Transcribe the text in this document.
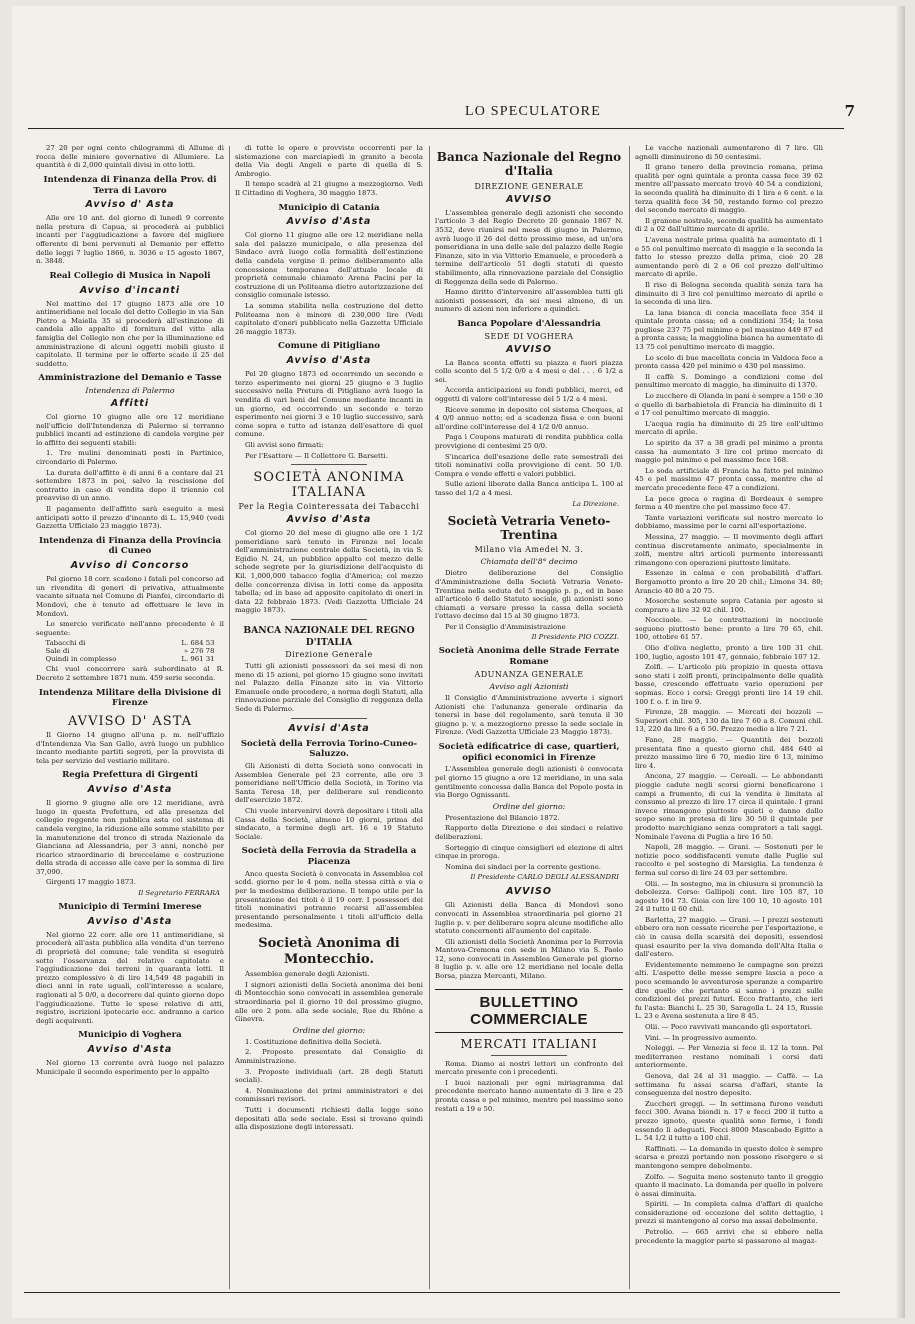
LO SPECULATORE	7

27 20 per ogni cento chilogrammi di Allume di rocca delle miniere governative di Allumiere. La quantità è di 2,000 quintali divisi in otto lotti.

Intendenza di Finanza della Prov. di Terra di Lavoro
Avviso d' Asta

Alle ore 10 ant. del giorno di lunedì 9 corrente nella pretura di Capua, si procederà ai pubblici incanti per l'aggiudicazione a favore del migliore offerente di beni pervenuti al Demanio per effetto delle leggi 7 luglio 1866, n. 3036 e 15 agosto 1867, n. 3848.

Real Collegio di Musica in Napoli
Avviso d'incanti

Nel mattino del 17 giugno 1873 alle ore 10 antimeridiane nel locale del detto Collegio in via San Pietro a Maiella 35 si procederà all'estinzione di candela allo appalto di fornitura del vitto alla famiglia del Collegio non che per la illuminazione ed amministrazione di alcuni oggetti mobili giusto il capitolato. Il termine per le offerte scade il 25 del suddetto.

Amministrazione del Demanio e Tasse
Intendenza di Palermo
Affitti

Col giorno 10 giugno alle ore 12 meridiane nell'ufficio dell'Intendenza di Palermo si terranno pubblici incanti ad estinzione di candela vergine per lo affitto dei seguenti stabili:

1. Tre mulini denominati posti in Partinico, circondario di Palermo.

La durata dell'affitto è di anni 6 a contare dal 21 settembre 1873 in poi, salvo la rescissione del contratto in caso di vendita dopo il triennio col preavviso di un anno.

Il pagamento dell'affitto sarà eseguito a mesi anticipati sotto il prezzo d'incanto di L. 15,940 (vedi Gazzetta Ufficiale 23 maggio 1873).

Intendenza di Finanza della Provincia di Cuneo
Avviso di Concorso

Pel giorno 18 corr. scadono i fatali pel concorso ad un rivendita di generi di privativa, attualmente vacante situata nel Comune di Pianfei, circondario di Mondovì, che è tenuto ad effettuare le leve in Mondovì.

Lo smercio verificato nell'anno precedente è il seguente:

Tabacchi di	L. 684 53
Sale di	» 276 78
Quindi in complesso	L. 961 31

Chi vuol concorrere sarà subordinato al R. Decreto 2 settembre 1871 num. 459 serie seconda.

Intendenza Militare della Divisione di Firenze
AVVISO D' ASTA

Il Giorno 14 giugno all'una p. m. nell'uffizio d'Intendenza Via San Gallo, avrà luogo un pubblico incanto mediante partiti segreti, per la provvista di tela per servizio del vestiario militare.

Regia Prefettura di Girgenti
Avviso d'Asta

Il giorno 9 giugno alle ore 12 meridiane, avrà luogo in questa Prefettura, ed alla presenza del collegio reggente non pubblica asta col sistema di candela vergine, la riduzione alle somme stabilite per la manutenzione del tronco di strada Nazionale da Gianciana ad Alessandria, per 3 anni, nonchè per ricarico straordinario di breccelame e costruzione della strada di accesso alle cave per la somma di lire 37,090.

Girgenti 17 maggio 1873.

Il Segretario FERRARA
Municipio di Termini Imerese
Avviso d'Asta

Nel giorno 22 corr. alle ore 11 antimeridiane, si procederà all'asta pubblica alla vendita d'un terreno di proprietà del comune; tale vendita si eseguirà sotto l'osservanza del relativo capitolato e l'aggiudicazione dei terreni in quaranta lotti. Il prezzo complessivo è di lire 14,549 48 pagabili in dieci anni in rate uguali, coll'interesse a scalare, ragionati al 5 0/0, a decorrere dal quinto giorno dopo l'aggiudicazione. Tutte le spese relative di atti, registro, iscrizioni ipotecarie ecc. andranno a carico degli acquirenti.

Municipio di Voghera
Avviso d'Asta

Nel giorno 13 corrente avrà luogo nel palazzo Municipale il secondo esperimento per lo appalto

di tutte le opere e provviste occorrenti per la sistemazione con marciapiedi in granito a becola della Via degli Angeli e parte di quella di S. Ambrogio.

Il tempo scadrà al 21 giugno a mezzogiorno. Vedi Il Cittadino di Voghera, 30 maggio 1873.

Municipio di Catania
Avviso d'Asta

Col giorno 11 giugno alle ore 12 meridiane nella sala del palazzo municipale, e alla presenza del Sindaco avrà luogo colla formalità dell'estinzione della candela vergine il primo deliberamento alla concessione temporanea dell'attuale locale di proprietà comunale chiamato Arena Pacini per la costruzione di un Politeama dietro autorizzazione del consiglio comunale istesso.

La somma stabilita nella costruzione del detto Politeama non è minore di 230,000 lire (Vedi capitolato d'oneri pubblicato nella Gazzetta Ufficiale 26 maggio 1873).

Comune di Pitigliano
Avviso d'Asta

Pel 20 giugno 1873 ed occorrendo un secondo e terzo esperimento nei giorni 25 giugno e 3 luglio successivo nella Pretura di Pitigliano avrà luogo la vendita di vari beni del Comune mediante incanti in un giorno, ed occorrendo un secondo e terzo esperimento nei giorni 3 e 10 luglio successivo, sarà come sopra e tutto ad istanza dell'esattore di quel comune.

Gli avvisi sono firmati:

Per l'Esattore — Il Collettore G. Barsetti.

SOCIETÀ ANONIMA ITALIANA
Per la Regìa Cointeressata dei Tabacchi
Avviso d'Asta

Col giorno 20 del mese di giugno alle ore 1 1/2 pomeridiane sarà tenuto in Firenze nel locale dell'amministrazione centrale della Società, in via S. Egidio N. 24, un pubblico appalto col mezzo delle schede segrete per la giurisdizione dell'acquisto di Kil. 1,000,000 tabacco foglia d'America; col mezzo delle concorrenza divisa in lotti come da apposita tabella; ed in base ad apposito capitolato di oneri in data 22 febbraio 1873. (Vedi Gazzetta Ufficiale 24 maggio 1873).

BANCA NAZIONALE DEL REGNO D'ITALIA
Direzione Generale

Tutti gli azionisti possessori da sei mesi di non meno di 15 azioni, pel giorno 15 giugno sono invitati nel Palazzo della Finanze sito in via Vittorio Emanuele onde procedere, a norma degli Statuti, alla rinnovazione parziale del Consiglio di reggenza della Sede di Palermo.

Avvisi d'Asta
Società della Ferrovia Torino-Cuneo-Saluzzo.

Gli Azionisti di detta Società sono convocati in Assemblea Generale pel 23 corrente, alle ore 3 pomeridiane nell'Ufficio della Società, in Torino via Santa Teresa 18, per deliberare sul rendiconto dell'esercizio 1872.

Chi vuole intervenirvi dovrà depositare i titoli alla Cassa della Società, almeno 10 giorni, prima del sindacato, a termine degli art. 16 e 19 Statuto Sociale.

Società della Ferrovia da Stradella a Piacenza

Anco questa Società è convocata in Assemblea col scdd. giorno per le 4 pom. nella stessa città e via e per la medesima deliberazione. Il tempo utile per la presentazione dei titoli è il 19 corr. I possessori dei titoli nominativi potranno recarsi all'assemblea presentando personalmente i titoli all'ufficio della medesima.

Società Anonima di Montecchio.

Assemblea generale degli Azionisti.

I signori azionisti della Società anonima dei beni di Montecchio sono convocati in assemblea generale straordinaria pel il giorno 10 del prossimo giugno, alle ore 2 pom. alla sede sociale, Rue du Rhône a Ginevra.

Ordine del giorno:

1. Costituzione definitiva della Società.

2. Proposte presentate dal Consiglio di Amministrazione.

3. Proposte individuali (art. 28 degli Statuti sociali).

4. Nominazione dei primi amministratori e dei commissari revisori.

Tutti i documenti richiesti dalla legge sono depositati alla sede sociale. Essi si trovano quindi alla disposizione degli interessati.

Banca Nazionale del Regno d'Italia
DIREZIONE GENERALE
AVVISO

L'assemblea generale degli azionisti che secondo l'articolo 3 del Regio Decreto 20 gennaio 1867 N. 3532, deve riunirsi nel mese di giugno in Palermo, avrà luogo il 26 del detto prossimo mese, ad un'ora pomeridiana in una delle sale del palazzo delle Regie Finanze, sito in via Vittorio Emanuele, e procederà a termine dell'articolo 51 degli statuti di questo stabilimento, alla rinnovazione parziale del Consiglio di Reggenza della sede di Palermo.

Hanno diritto d'intervenire all'assemblea tutti gli azionisti possessori, da sei mesi almeno, di un numero di azioni non inferiore a quindici.

Banca Popolare d'Alessandria
SEDE DI VOGHERA
AVVISO

La Banca sconta effetti su piazza e fuori piazza collo sconto del 5 1/2 0/0 a 4 mesi e del . . . 6 1/2 a sei.

Accorda anticipazioni su fondi pubblici, merci, ed oggetti di valore coll'interesse del 5 1/2 a 4 mesi.

Riceve somme in deposito col sistema Cheques, al 4 0/0 annuo netto; ed a scadenza fissa e con buoni all'ordine coll'interesse del 4 1/2 0/0 annuo.

Paga i Coupons maturati di rendita pubblica colla provvigione di centesimi 25 0/0.

S'incarica dell'esazione delle rate semestrali dei titoli nominativi colla provvigione di cent. 50 1/0. Compra e vende effetti e valori pubblici.

Sulle azioni liberate dalla Banca anticipa L. 100 al tasso del 1/2 a 4 mesi.

La Direzione.
Società Vetraria Veneto-Trentina
Milano via Amedei N. 3.
Chiamata dell'8° decimo

Dietro deliberazione del Consiglio d'Amministrazione della Società Vetraria Veneto-Trentina nella seduta del 5 maggio p. p., ed in base all'articolo 6 dello Statuto sociale, gli azionisti sono chiamati a versare presso la cassa della società l'ottavo decimo dal 15 al 30 giugno 1873.

Per il Consiglio d'Amministrazione

Il Presidente PIO COZZI.
Società Anonima delle Strade Ferrate Romane
ADUNANZA GENERALE
Avviso agli Azionisti

Il Consiglio d'Amministrazione avverte i signori Azionisti che l'adunanza generale ordinaria da tenersi in base del regolamento, sarà tenuta il 30 giugno p. v. a mezzogiorno presso la sede sociale in Firenze. (Vedi Gazzetta Ufficiale 23 Maggio 1873).

Società edificatrice di case, quartieri, opifici economici in Firenze

L'Assemblea generale degli azionisti è convocata pel giorno 15 giugno a ore 12 meridiane, in una sala gentilmente concessa dalla Banca del Popolo posta in via Borgo Ognissanti.

Ordine del giorno:

Presentazione del Bilancio 1872.

Rapporto della Direzione e dei sindaci e relative deliberazioni.

Sorteggio di cinque consiglieri ed elezione di altri cinque in proroga.

Nomina dei sindaci per la corrente gestione.

Il Presidente CARLO DEGLI ALESSANDRI
AVVISO

Gli Azionisti della Banca di Mondovì sono convocati in Assemblea straordinaria pel giorno 21 luglio p. v. per deliberare sopra alcune modifiche allo statuto concernenti all'aumento del capitale.

Gli azionisti della Società Anonima per la Ferrovia Mantova-Cremona con sede in Milano via S. Paolo 12, sono convocati in Assemblea Generale pel giorno 8 luglio p. v. alle ore 12 meridiane nel locale della Borsa, piazza Mercanti, Milano.

BULLETTINO COMMERCIALE
MERCATI ITALIANI

Roma. Diamo ai nostri lettori un confronto del mercato presente con i precedenti.

I buoi nazionali per ogni miriagramma dal precedente mercato hanno aumentato di 3 lire e 25 pronta cassa e pel minimo, mentre pel massimo sono restati a 19 e 50.

Le vacche nazionali aumentarono di 7 lire. Gli agnelli diminuirono di 50 centesimi.

Il grano tenero della provincia romana, prima qualità per ogni quintale a pronta cassa fece 39 62 mentre all'passato mercato trovò 40 54 a condizioni, la seconda qualità ha diminuito di 1 lira e 6 cent. e la terza qualità fece 34 50, restando fermo col prezzo del secondo mercato di maggio.

Il granone nostrale, seconda qualità ha aumentato di 2 a 02 dall'ultimo mercato di aprile.

L'avena nostrale prima qualità ha aumentato di 1 e 55 col penultimo mercato di maggio e la seconda la fatto lo stesso prezzo della prima, cioè 20 28 aumentando però di 2 e 06 col prezzo dell'ultimo mercato di aprile.

Il riso di Bologna seconda qualità senza tara ha diminuito di 3 lire col penultimo mercato di aprile e la seconda di una lira.

La lana bianca di concia macellata fece 354 il quintale pronta cassa; ed a condizioni 354; la tosa pugliese 237 75 pel minimo e pel massimo 449 87 ed a pronta cassa; la maggiolina bianca ha aumentato di 13 75 col penultimo mercato di maggio.

Lo scolo di bue macellata concia in Valdoca fece a pronta cassa 420 pel minimo e 430 pel massimo.

Il caffè S. Domingo a condizioni come del penultimo mercato di maggio, ha diminuito di 1370.

Lo zucchero di Olanda in pani è sempre a 150 e 30 e quello di barbabietola di Francia ha diminuito di 1 e 17 col penultimo mercato di maggio.

L'acqua ragia ha diminuito di 25 lire coll'ultimo mercato di aprile.

Lo spirito da 37 a 38 gradi pel minimo a pronta cassa ha aumentato 3 lire col primo mercato di maggio pel minimo e pel massimo fece 168.

Lo soda artificiale di Francia ha fatto pel minimo 45 e pel massimo 47 pronta cassa, mentre che al mercato precedente fece 47 a condizioni.

La pece greca o ragina di Bordeaux è sempre ferma a 40 mentre che pel massimo fece 47.

Tante variazioni verificate sul nostro mercato lo dobbiamo, massime per le carni all'esportazione.

Messina, 27 maggio. — Il movimento degli affari continua discretamente animato, specialmente in zolfi, mentre altri articoli purmente interessanti rimangono con operazioni piuttosto limitate.

Essenze in calma e con probabilità d'affari. Bergamotto pronto a lire 20 20 chil.; Limone 34. 80; Arancio 40 80 a 20 75.

Mosorche sostenute sopra Catania per agosto si compraro a lire 32 92 chil. 100.

Nocciuole. — Le contrattazioni in nocciuole seguono piuttosto bene: pronto a lire 70 65, chil. 100, ottobre 61 57.

Olio d'oliva negletto, pronto a lire 100 31 chil. 100, luglio, agosto 101 47, gennaio, febbraio 107 12.

Zolfi. — L'articolo più propizio in questa ottava sono stati i zolfi pronti, principalmente delle qualità basse, crescendo effettuate vario operazioni per sopmas. Ecco i corsi: Greggi pronti lire 14 19 chil. 100 f. o. f. in lire 9.

Firenze, 28 maggio. — Mercati dei bozzoli — Superiori chil. 305, 130 da lire 7 60 a 8. Comuni chil. 13, 220 da lire 6 a 6 50. Prezzo medio a lire 7 21.

Fano, 28 maggio. — Quantità dei bozzoli presentata fino a questo giorno chil. 484 640 al prezzo massimo lire 6 70, medio lire 6 13, minimo lire 4.

Ancona, 27 maggio. — Cereali. — Le abbondanti pioggie cadute negli scorsi giorni beneficarono i campi a frumento, di cui la vendita è limitata al consumo al prezzo di lire 17 circa il quintale. I grani invece rimangono piuttosto quieti e danno dallo scopo sono in pretesa di lire 30 50 il quintale per prodotto marchigiano senza compratori a tali saggi. Nominale l'avena di Puglia a lire 16 50.

Napoli, 28 maggio. — Grani. — Sostenuti per le notizie poco soddisfacenti venute dalle Puglie sul raccolto e pel sostegno di Marsiglia. La tendenza è ferma sul corso di lire 24 03 per settembre.

Olii. — In sostegno, ma in chiusura si pronunciò la debolezza. Corso: Gallipoli cont. lire 105 87, 10 agosto 104 73. Gioia con lire 100 10, 10 agosto 101 24 il tutto il 60 chil.

Barletta, 27 maggio. — Grani. — I prezzi sostenuti ebbero ora non cessate ricerche per l'esportazione, e ciò in causa della scarsità dei depositi, essendosi quasi esaurito per la viva domanda dell'Alta Italia e dall'estero.

Evidentemente nemmeno le campagne son prezzi alti. L'aspetto delle messe sempre lascia a poco a poco scemando le avventurose speranze a comparire dire quello che pertanto si sanno i prezzi sulle condizioni dei prezzi futuri. Ecco frattanto, che ieri fu l'asta: Bianchi L. 25 30, Saragolla L. 24 15, Russie L. 23 e Avena sostenuta a lire 8 45.

Olii. — Poco ravvivati mancando gli esportatori.

Vini. — In progressivo aumento.

Noleggi. — Per Venezia si fece il. 12 la tonn. Pel mediterraneo restano nominali i corsi dati anteriormente.

Genova, dal 24 al 31 maggio. — Caffè. — La settimana fu assai scarsa d'affari, stante la conseguenza del nostro deposito.

Zuccheri greggi. — In settimana furono venduti fecci 300. Avana biondi n. 17 e fecci 200 il tutto a prezzo ignoto, queste qualità sono ferme, i fondi essendo lì adeguati. Fecci 8000 Mascabado Egitto a L. 54 1/2 il tutto a 100 chil.

Raffinati. — La domanda in questo dolce è sempre scarsa e prezzi portando non possono risorgere e si mantengono sempre debolmente.

Zolfo. — Seguita meno sostenuto tanto il greggio quanto il macinato. La domanda per quello in polvere è assai diminuita.

Spiriti. — In completa calma d'affari di qualche considerazione ed eccezione del solito dettaglio, i prezzi si mantengono al corso ma assai debolmente.

Petrolio. — 665 arrivi che si ebbero nella precedente la maggior parte si passarono al magaz-
